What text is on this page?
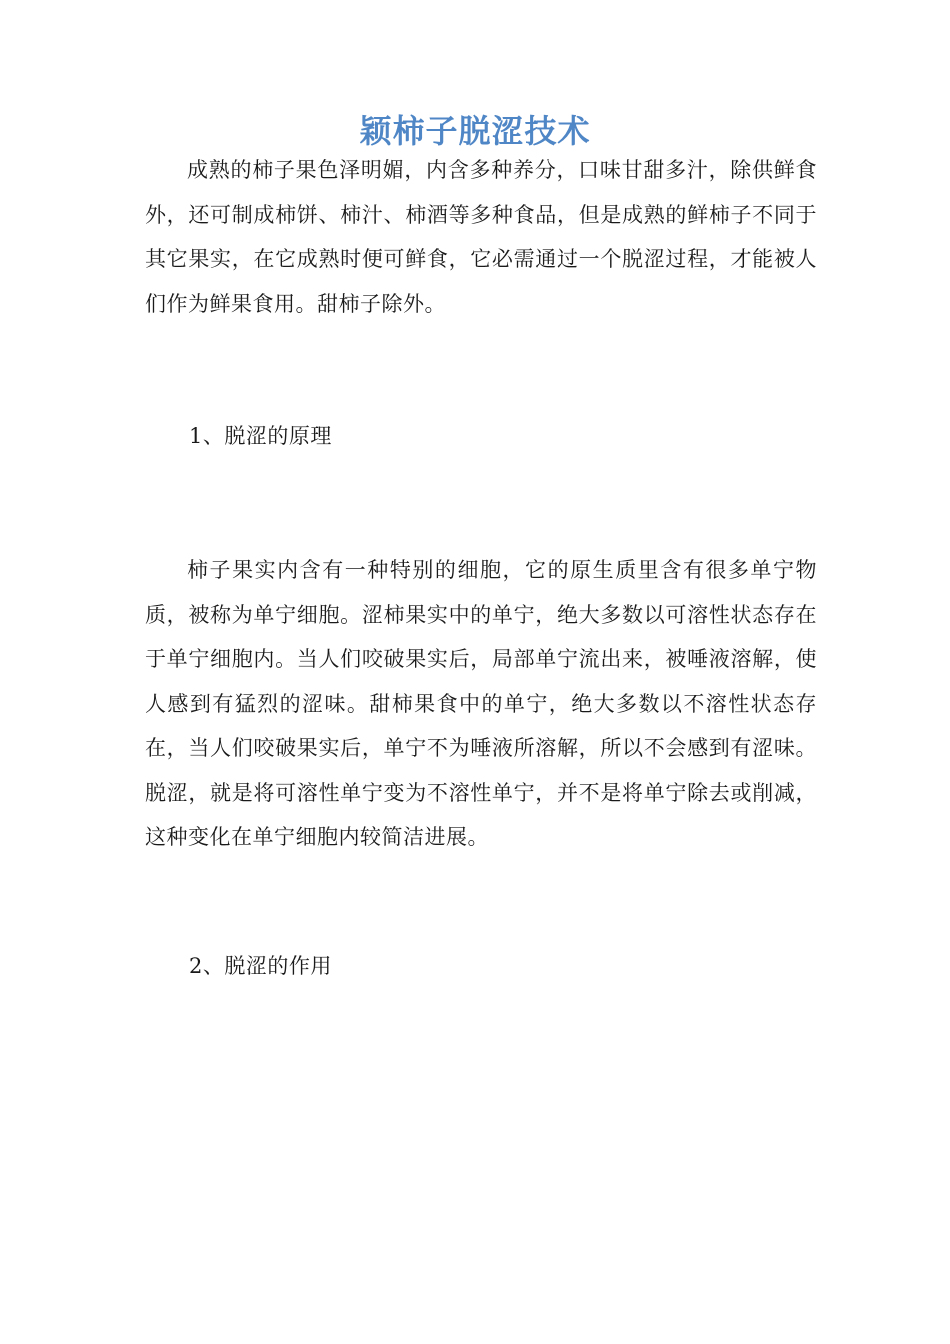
颖柿子脱涩技术

成熟的柿子果色泽明媚，内含多种养分，口味甘甜多汁，除供鲜食外，还可制成柿饼、柿汁、柿酒等多种食品，但是成熟的鲜柿子不同于其它果实，在它成熟时便可鲜食，它必需通过一个脱涩过程，才能被人们作为鲜果食用。甜柿子除外。

1、脱涩的原理

柿子果实内含有一种特别的细胞，它的原生质里含有很多单宁物质，被称为单宁细胞。涩柿果实中的单宁，绝大多数以可溶性状态存在于单宁细胞内。当人们咬破果实后，局部单宁流出来，被唾液溶解，使人感到有猛烈的涩味。甜柿果食中的单宁，绝大多数以不溶性状态存在，当人们咬破果实后，单宁不为唾液所溶解，所以不会感到有涩味。脱涩，就是将可溶性单宁变为不溶性单宁，并不是将单宁除去或削减，这种变化在单宁细胞内较简洁进展。

2、脱涩的作用
